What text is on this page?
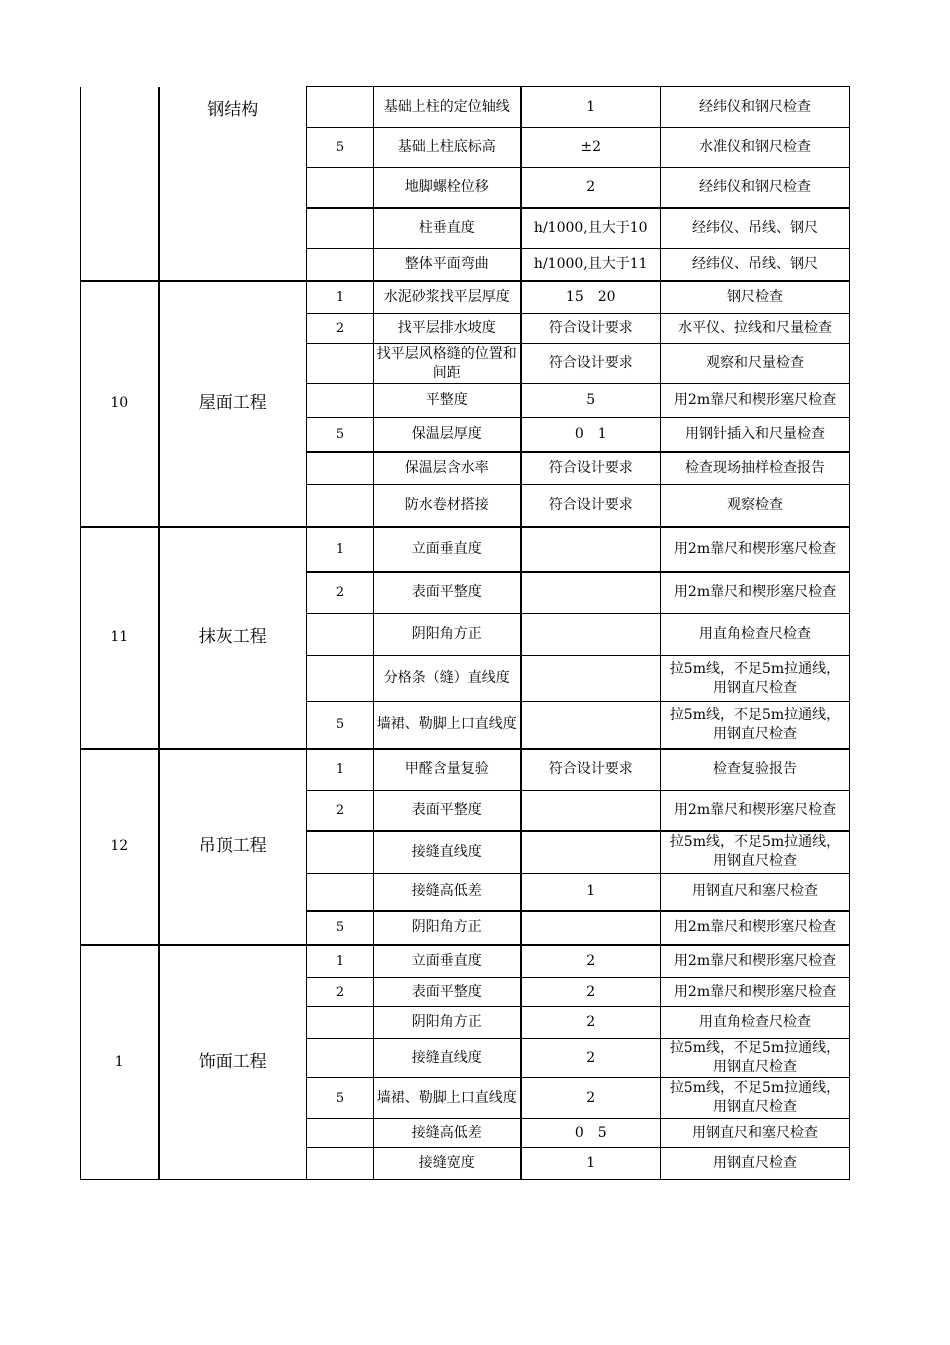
	钢结构		基础上柱的定位轴线	1	经纬仪和钢尺检查
		5	基础上柱底标高	±2	水准仪和钢尺检查
			地脚螺栓位移	2	经纬仪和钢尺检查
			柱垂直度	h/1000,且大于10	经纬仪、吊线、钢尺
			整体平面弯曲	h/1000,且大于11	经纬仪、吊线、钢尺
10	屋面工程	1	水泥砂浆找平层厚度	15　20	钢尺检查
		2	找平层排水坡度	符合设计要求	水平仪、拉线和尺量检查
			找平层风格缝的位置和间距	符合设计要求	观察和尺量检查
			平整度	5	用2m靠尺和楔形塞尺检查
		5	保温层厚度	0　1	用钢针插入和尺量检查
			保温层含水率	符合设计要求	检查现场抽样检查报告
			防水卷材搭接	符合设计要求	观察检查
11	抹灰工程	1	立面垂直度		用2m靠尺和楔形塞尺检查
		2	表面平整度		用2m靠尺和楔形塞尺检查
			阴阳角方正		用直角检查尺检查
			分格条（缝）直线度		拉5m线，不足5m拉通线，用钢直尺检查
		5	墙裙、勒脚上口直线度		拉5m线，不足5m拉通线，用钢直尺检查
12	吊顶工程	1	甲醛含量复验	符合设计要求	检查复验报告
		2	表面平整度		用2m靠尺和楔形塞尺检查
			接缝直线度		拉5m线，不足5m拉通线，用钢直尺检查
			接缝高低差	1	用钢直尺和塞尺检查
		5	阴阳角方正		用2m靠尺和楔形塞尺检查
1	饰面工程	1	立面垂直度	2	用2m靠尺和楔形塞尺检查
		2	表面平整度	2	用2m靠尺和楔形塞尺检查
			阴阳角方正	2	用直角检查尺检查
			接缝直线度	2	拉5m线，不足5m拉通线，用钢直尺检查
		5	墙裙、勒脚上口直线度	2	拉5m线，不足5m拉通线，用钢直尺检查
			接缝高低差	0　5	用钢直尺和塞尺检查
			接缝宽度	1	用钢直尺检查
